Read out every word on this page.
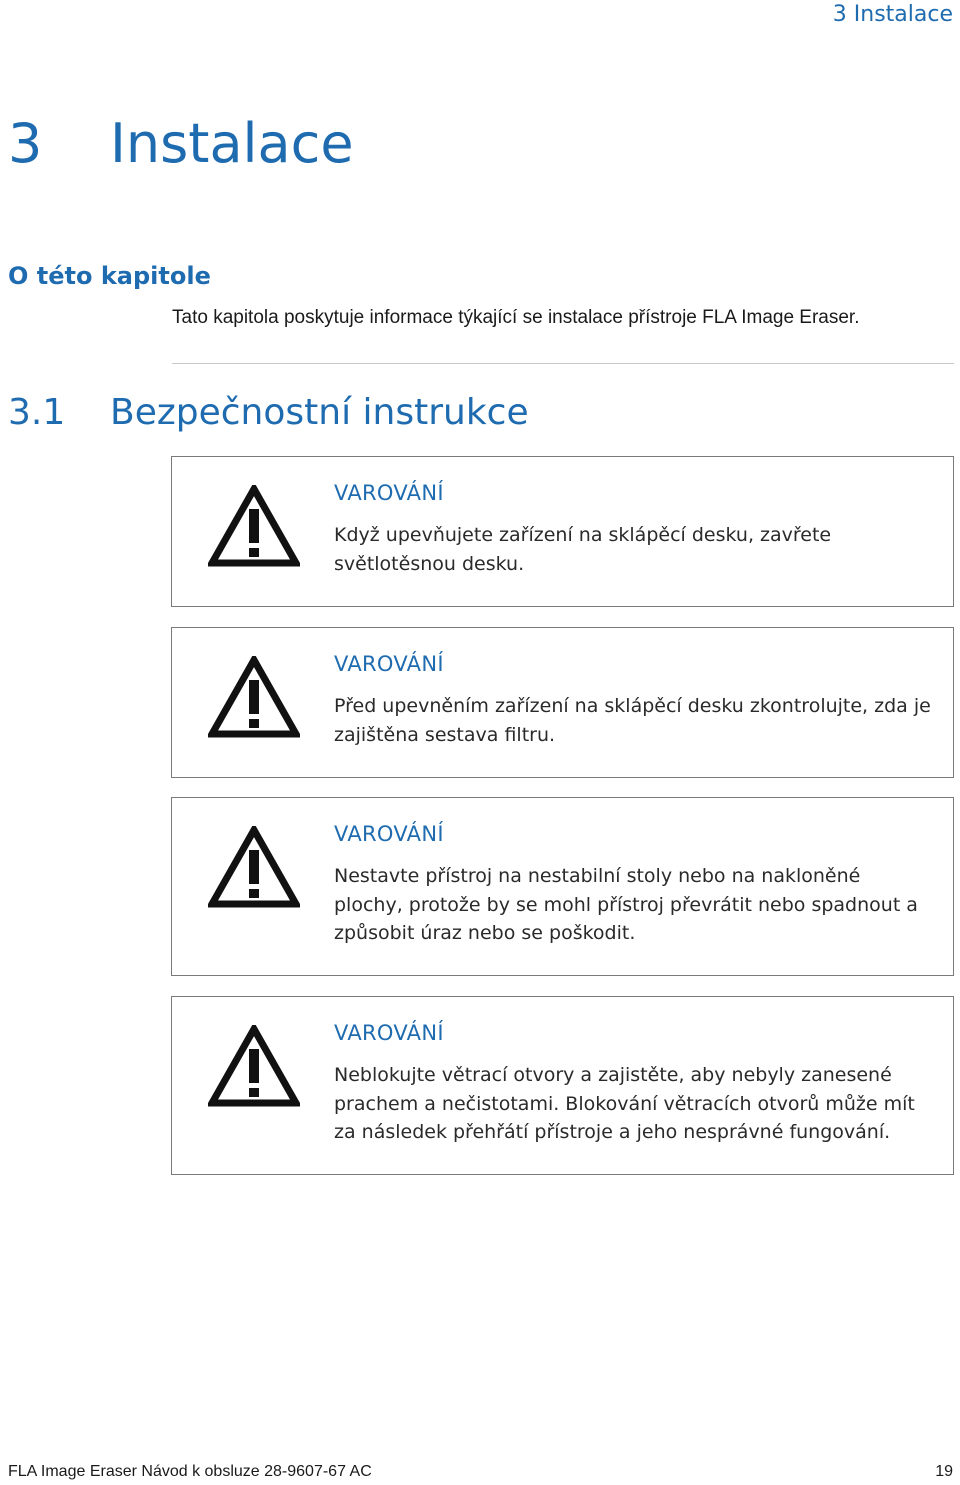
3 Instalace
3 Instalace
O této kapitole

Tato kapitola poskytuje informace týkající se instalace přístroje FLA Image Eraser.

3.1 Bezpečnostní instrukce
VAROVÁNÍ
Když upevňujete zařízení na sklápěcí desku, zavřete světlotěsnou desku.
VAROVÁNÍ
Před upevněním zařízení na sklápěcí desku zkontrolujte, zda je zajištěna sestava filtru.
VAROVÁNÍ
Nestavte přístroj na nestabilní stoly nebo na nakloněné plochy, protože by se mohl přístroj převrátit nebo spadnout a způsobit úraz nebo se poškodit.
VAROVÁNÍ
Neblokujte větrací otvory a zajistěte, aby nebyly zanesené prachem a nečistotami. Blokování větracích otvorů může mít za následek přehřátí přístroje a jeho nesprávné fungování.
FLA Image Eraser Návod k obsluze 28-9607-67 AC	19
